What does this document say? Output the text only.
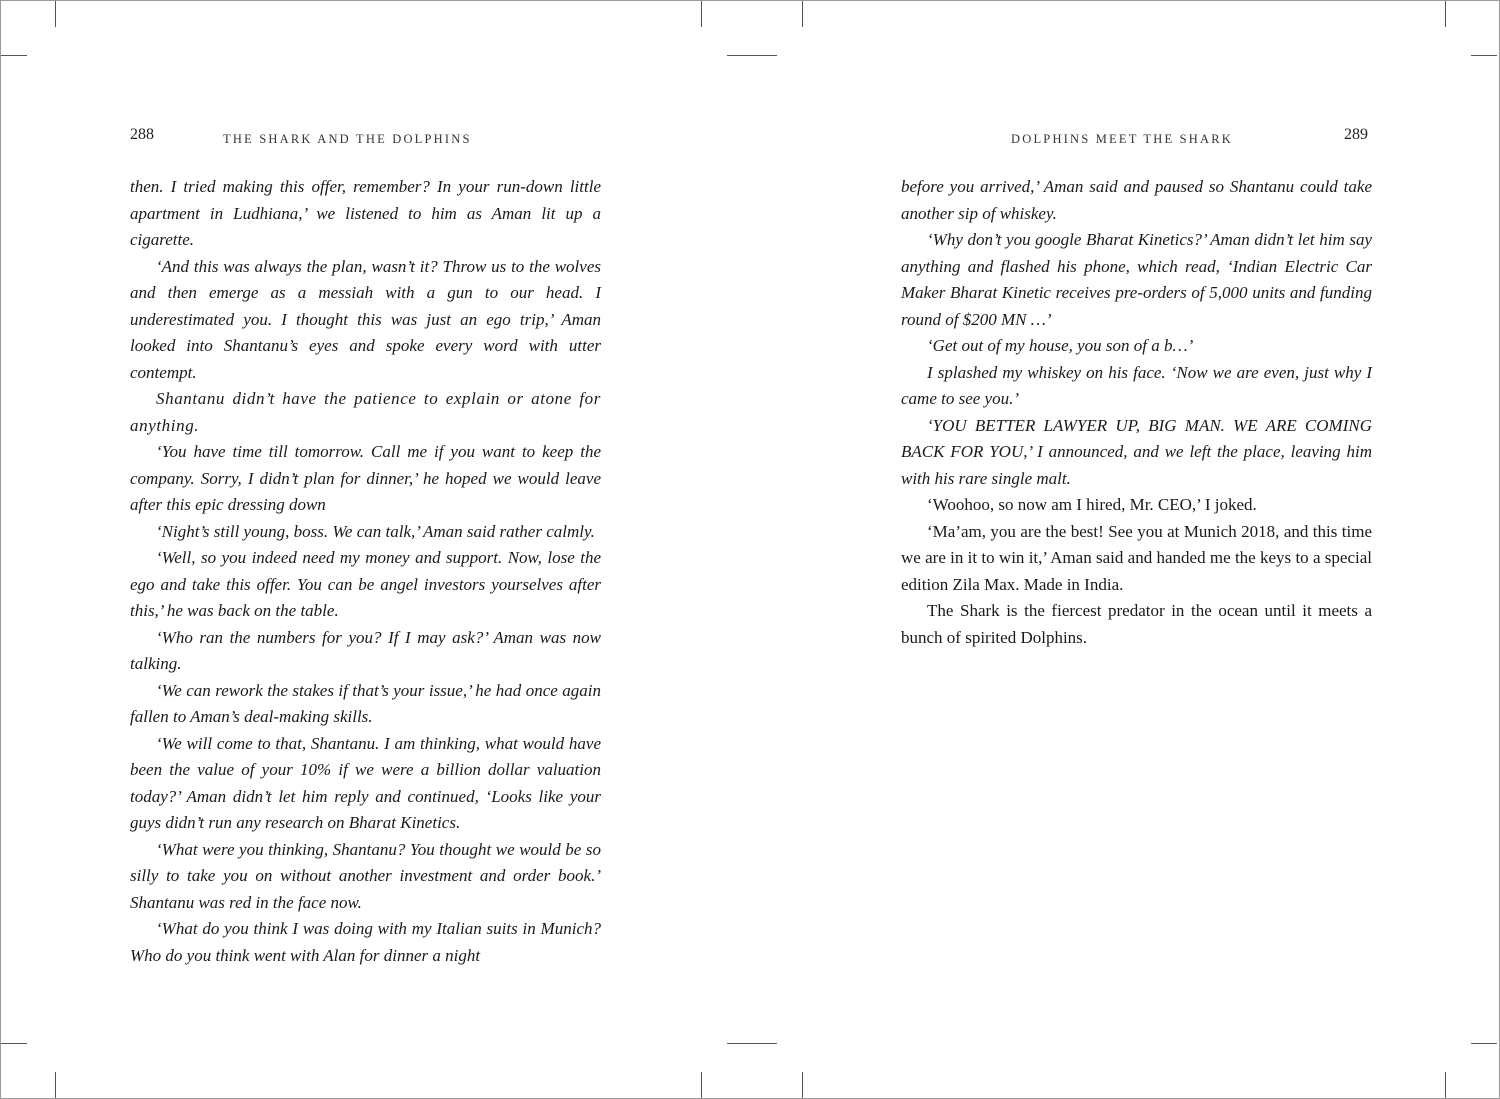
288	THE SHARK AND THE DOLPHINS

then. I tried making this offer, remember? In your run-down little apartment in Ludhiana,’ we listened to him as Aman lit up a cigarette.

‘And this was always the plan, wasn’t it? Throw us to the wolves and then emerge as a messiah with a gun to our head. I underestimated you. I thought this was just an ego trip,’ Aman looked into Shantanu’s eyes and spoke every word with utter contempt.

Shantanu didn’t have the patience to explain or atone for anything.

‘You have time till tomorrow. Call me if you want to keep the company. Sorry, I didn’t plan for dinner,’ he hoped we would leave after this epic dressing down

‘Night’s still young, boss. We can talk,’ Aman said rather calmly.

‘Well, so you indeed need my money and support. Now, lose the ego and take this offer. You can be angel investors yourselves after this,’ he was back on the table.

‘Who ran the numbers for you? If I may ask?’ Aman was now talking.

‘We can rework the stakes if that’s your issue,’ he had once again fallen to Aman’s deal-making skills.

‘We will come to that, Shantanu. I am thinking, what would have been the value of your 10% if we were a billion dollar valuation today?’ Aman didn’t let him reply and continued, ‘Looks like your guys didn’t run any research on Bharat Kinetics.

‘What were you thinking, Shantanu? You thought we would be so silly to take you on without another investment and order book.’ Shantanu was red in the face now.

‘What do you think I was doing with my Italian suits in Munich? Who do you think went with Alan for dinner a night

DOLPHINS MEET THE SHARK	289

before you arrived,’ Aman said and paused so Shantanu could take another sip of whiskey.

‘Why don’t you google Bharat Kinetics?’ Aman didn’t let him say anything and flashed his phone, which read, ‘Indian Electric Car Maker Bharat Kinetic receives pre-orders of 5,000 units and funding round of $200 MN …’

‘Get out of my house, you son of a b…’

I splashed my whiskey on his face. ‘Now we are even, just why I came to see you.’

‘YOU BETTER LAWYER UP, BIG MAN. WE ARE COMING BACK FOR YOU,’ I announced, and we left the place, leaving him with his rare single malt.

‘Woohoo, so now am I hired, Mr. CEO,’ I joked.

‘Ma’am, you are the best! See you at Munich 2018, and this time we are in it to win it,’ Aman said and handed me the keys to a special edition Zila Max. Made in India.

The Shark is the fiercest predator in the ocean until it meets a bunch of spirited Dolphins.
